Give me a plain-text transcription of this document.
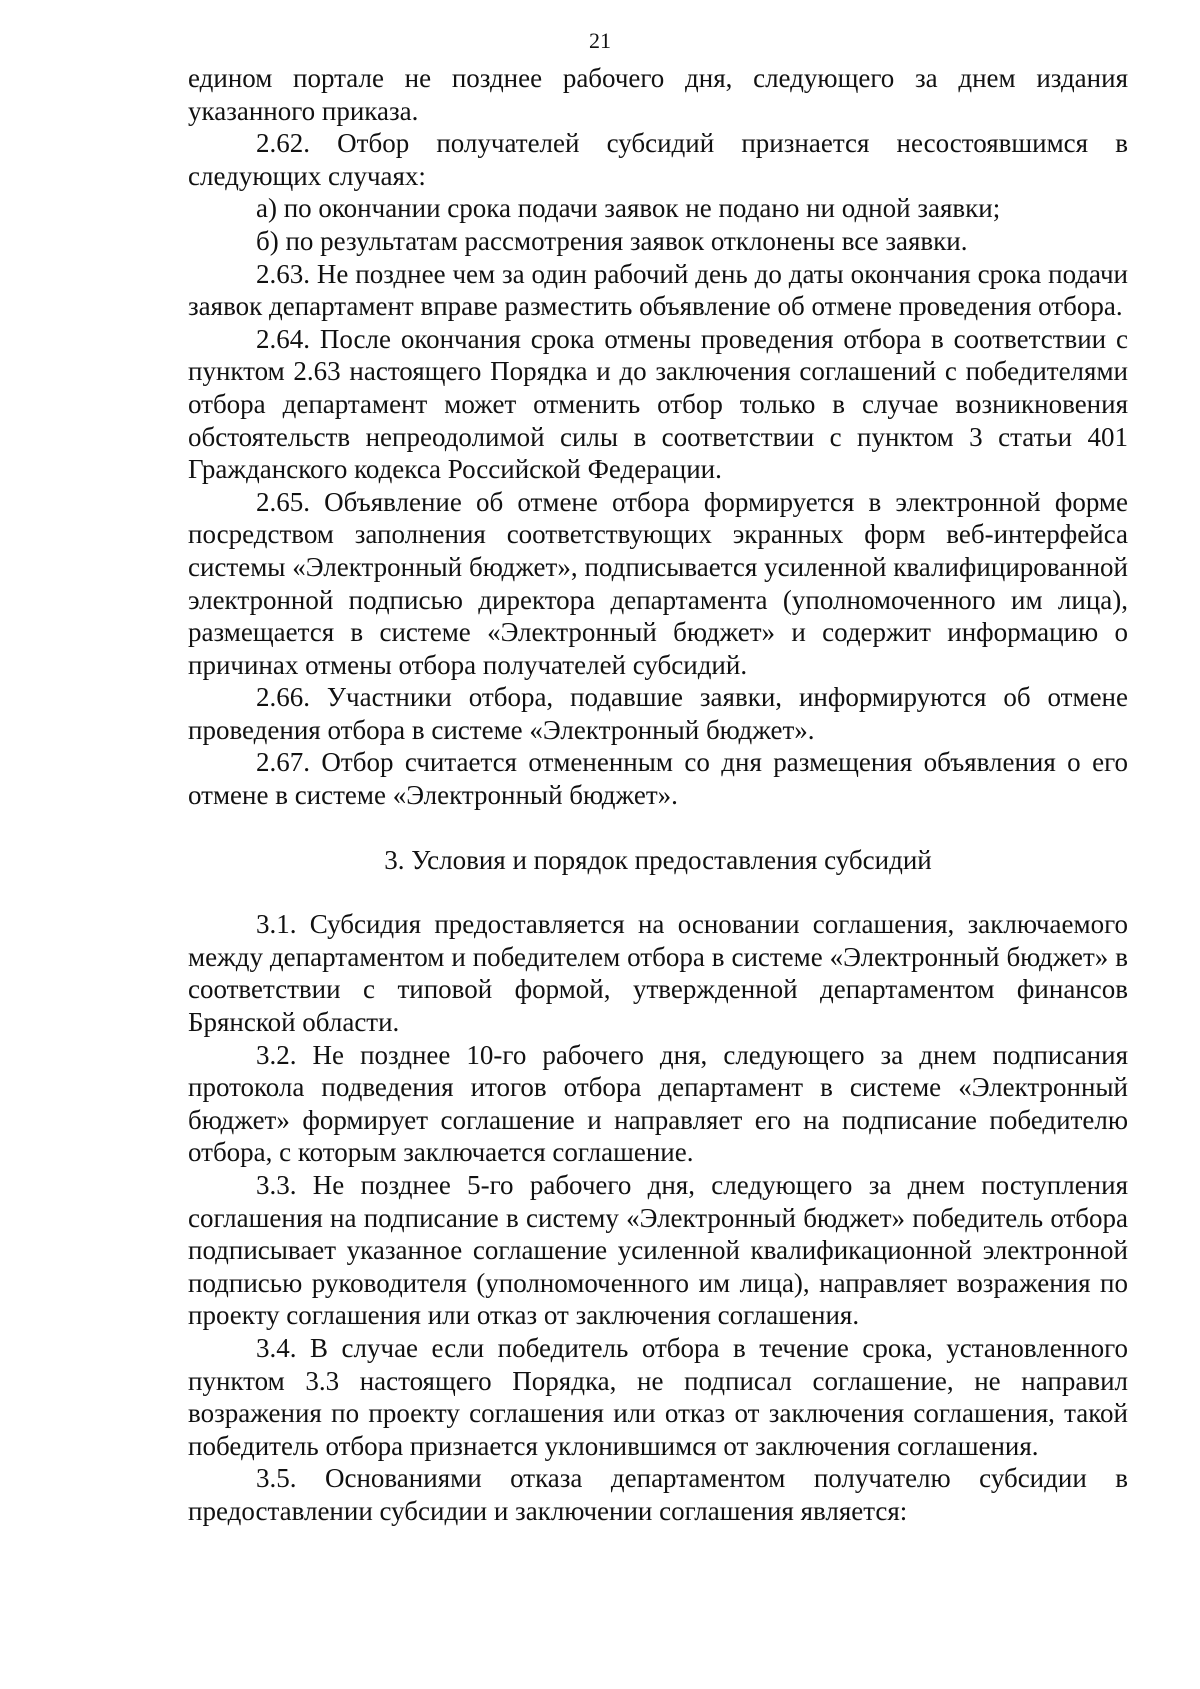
21

едином портале не позднее рабочего дня, следующего за днем издания указанного приказа.

2.62. Отбор получателей субсидий признается несостоявшимся в следующих случаях:

а) по окончании срока подачи заявок не подано ни одной заявки;

б) по результатам рассмотрения заявок отклонены все заявки.

2.63. Не позднее чем за один рабочий день до даты окончания срока подачи заявок департамент вправе разместить объявление об отмене проведения отбора.

2.64. После окончания срока отмены проведения отбора в соответствии с пунктом 2.63 настоящего Порядка и до заключения соглашений с победителями отбора департамент может отменить отбор только в случае возникновения обстоятельств непреодолимой силы в соответствии с пунктом 3 статьи 401 Гражданского кодекса Российской Федерации.

2.65. Объявление об отмене отбора формируется в электронной форме посредством заполнения соответствующих экранных форм веб-интерфейса системы «Электронный бюджет», подписывается усиленной квалифицированной электронной подписью директора департамента (уполномоченного им лица), размещается в системе «Электронный бюджет» и содержит информацию о причинах отмены отбора получателей субсидий.

2.66. Участники отбора, подавшие заявки, информируются об отмене проведения отбора в системе «Электронный бюджет».

2.67. Отбор считается отмененным со дня размещения объявления о его отмене в системе «Электронный бюджет».

3. Условия и порядок предоставления субсидий

3.1. Субсидия предоставляется на основании соглашения, заключаемого между департаментом и победителем отбора в системе «Электронный бюджет» в соответствии с типовой формой, утвержденной департаментом финансов Брянской области.

3.2. Не позднее 10-го рабочего дня, следующего за днем подписания протокола подведения итогов отбора департамент в системе «Электронный бюджет» формирует соглашение и направляет его на подписание победителю отбора, с которым заключается соглашение.

3.3. Не позднее 5-го рабочего дня, следующего за днем поступления соглашения на подписание в систему «Электронный бюджет» победитель отбора подписывает указанное соглашение усиленной квалификационной электронной подписью руководителя (уполномоченного им лица), направляет возражения по проекту соглашения или отказ от заключения соглашения.

3.4. В случае если победитель отбора в течение срока, установленного пунктом 3.3 настоящего Порядка, не подписал соглашение, не направил возражения по проекту соглашения или отказ от заключения соглашения, такой победитель отбора признается уклонившимся от заключения соглашения.

3.5. Основаниями отказа департаментом получателю субсидии в предоставлении субсидии и заключении соглашения является:
